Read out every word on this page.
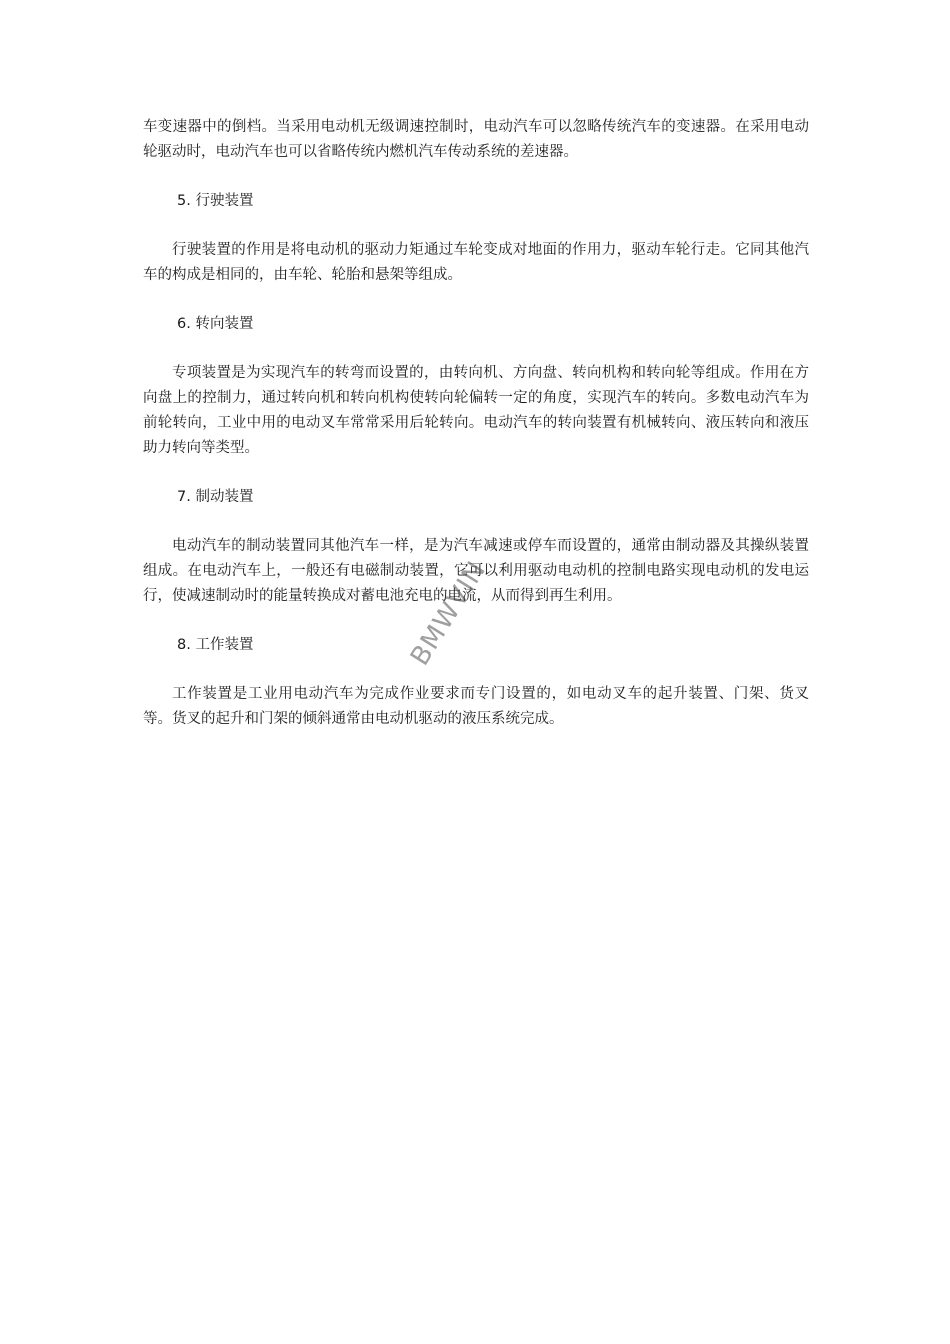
车变速器中的倒档。当采用电动机无级调速控制时，电动汽车可以忽略传统汽车的变速器。在采用电动轮驱动时，电动汽车也可以省略传统内燃机汽车传动系统的差速器。

5. 行驶装置

行驶装置的作用是将电动机的驱动力矩通过车轮变成对地面的作用力，驱动车轮行走。它同其他汽车的构成是相同的，由车轮、轮胎和悬架等组成。

6. 转向装置

专项装置是为实现汽车的转弯而设置的，由转向机、方向盘、转向机构和转向轮等组成。作用在方向盘上的控制力，通过转向机和转向机构使转向轮偏转一定的角度，实现汽车的转向。多数电动汽车为前轮转向，工业中用的电动叉车常常采用后轮转向。电动汽车的转向装置有机械转向、液压转向和液压助力转向等类型。

7. 制动装置

电动汽车的制动装置同其他汽车一样，是为汽车减速或停车而设置的，通常由制动器及其操纵装置组成。在电动汽车上，一般还有电磁制动装置，它可以利用驱动电动机的控制电路实现电动机的发电运行，使减速制动时的能量转换成对蓄电池充电的电流，从而得到再生利用。

8. 工作装置

工作装置是工业用电动汽车为完成作业要求而专门设置的，如电动叉车的起升装置、门架、货叉等。货叉的起升和门架的倾斜通常由电动机驱动的液压系统完成。

BMWVIN
